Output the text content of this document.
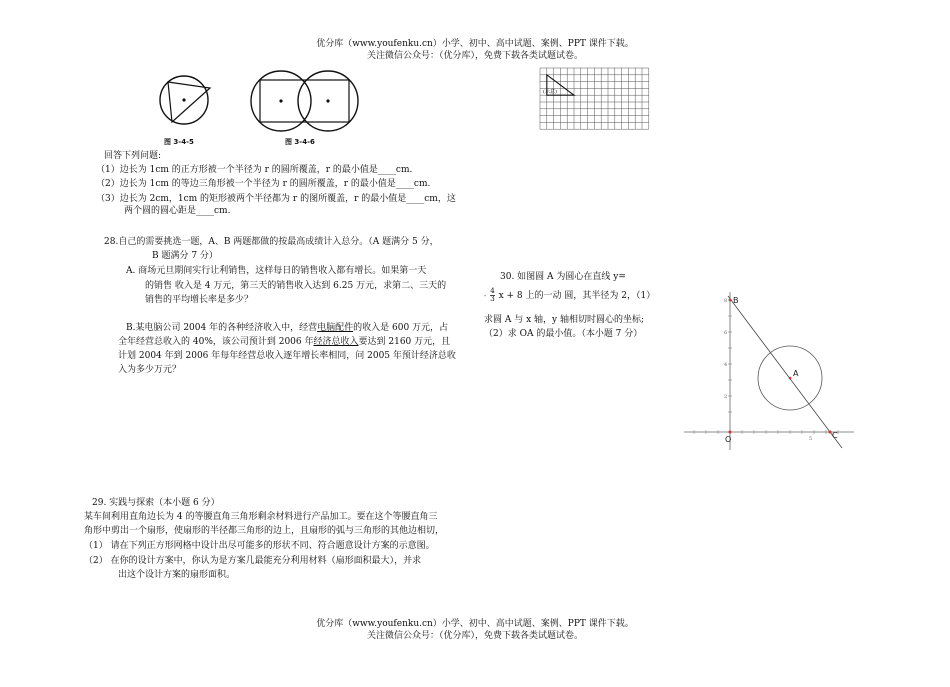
优分库（www.youfenku.cn）小学、初中、高中试题、案例、PPT 课件下载。
关注微信公众号：（优分库），免费下载各类试题试卷。
图 3-4-5	图 3-4-6
(示意)
回答下列问题:
（1）边长为 1cm 的正方形被一个半径为 r 的圆所覆盖，r 的最小值是____cm.
（2）边长为 1cm 的等边三角形被一个半径为 r 的圆所覆盖，r 的最小值是____cm.
（3）边长为 2cm，1cm 的矩形被两个半径都为 r 的图所覆盖，r 的最小值是____cm，这
两个圆的圆心距是____cm.
28.自己的需要挑选一题，A、B 两题都做的按最高成绩计入总分。（A 题满分 5 分，
B 题满分 7 分）
A. 商场元旦期间实行让利销售，这样每日的销售收入都有增长。如果第一天
的销售 收入是 4 万元，第三天的销售收入达到 6.25 万元，求第二、三天的
销售的平均增长率是多少？
B.某电脑公司 2004 年的各种经济收入中，经营电脑配件的收入是 600 万元，占
全年经营总收入的 40%，该公司预计到 2006 年经济总收入要达到 2160 万元，且
计划 2004 年到 2006 年每年经营总收入逐年增长率相同，问 2005 年预计经济总收
入为多少万元？
30. 如图圆 A 为圆心在直线 y=
- $\frac{4}{3}$ x + 8 上的一动 圆，其半径为 2，（1）
求圆 A 与 x 轴，y 轴相切时圆心的坐标;
（2）求 OA 的最小值。（本小题 7 分）
B
A
O	C
8
6
4
2
5
29. 实践与探索（本小题 6 分）
某车间利用直角边长为 4 的等腰直角三角形剩余材料进行产品加工。要在这个等腰直角三
角形中剪出一个扇形，使扇形的半径都三角形的边上，且扇形的弧与三角形的其他边相切，
（1） 请在下列正方形网格中设计出尽可能多的形状不同、符合题意设计方案的示意图。
（2） 在你的设计方案中，你认为是方案几最能充分利用材料（扇形面积最大），并求
出这个设计方案的扇形面积。
优分库（www.youfenku.cn）小学、初中、高中试题、案例、PPT 课件下载。
关注微信公众号：（优分库），免费下载各类试题试卷。
